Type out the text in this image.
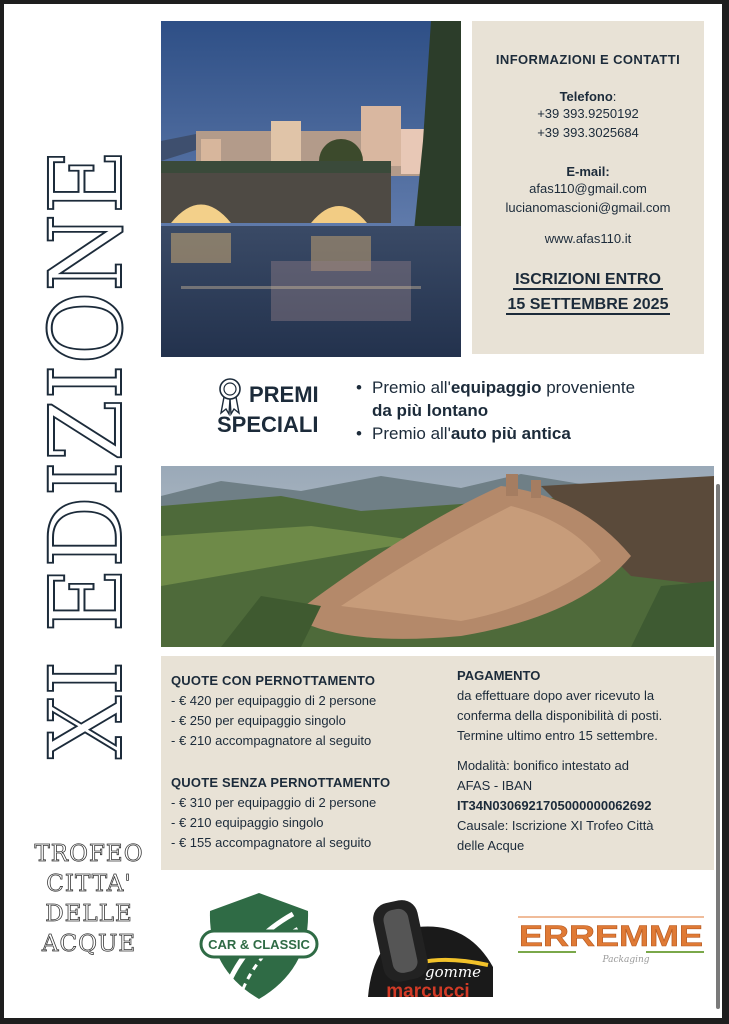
XI EDIZIONE
TROFEO
CITTA'
DELLE
ACQUE
INFORMAZIONI E CONTATTI
Telefono:
+39 393.9250192
+39 393.3025684
E-mail:
afas110@gmail.com
lucianomascioni@gmail.com
www.afas110.it
ISCRIZIONI ENTRO
15 SETTEMBRE 2025
PREMI
SPECIALI
• Premio all'equipaggio proveniente
da più lontano
• Premio all'auto più antica
QUOTE CON PERNOTTAMENTO
- € 420 per equipaggio di 2 persone
- € 250 per equipaggio singolo
- € 210 accompagnatore al seguito
QUOTE SENZA PERNOTTAMENTO
- € 310 per equipaggio di 2 persone
- € 210 equipaggio singolo
- € 155 accompagnatore al seguito
PAGAMENTO
da effettuare dopo aver ricevuto la
conferma della disponibilità di posti.
Termine ultimo entro 15 settembre.
Modalità: bonifico intestato ad
AFAS - IBAN
IT34N0306921705000000062692
Causale: Iscrizione XI Trofeo Città
delle Acque
CAR & CLASSIC
gomme
marcucci
ERREMME
Packaging
